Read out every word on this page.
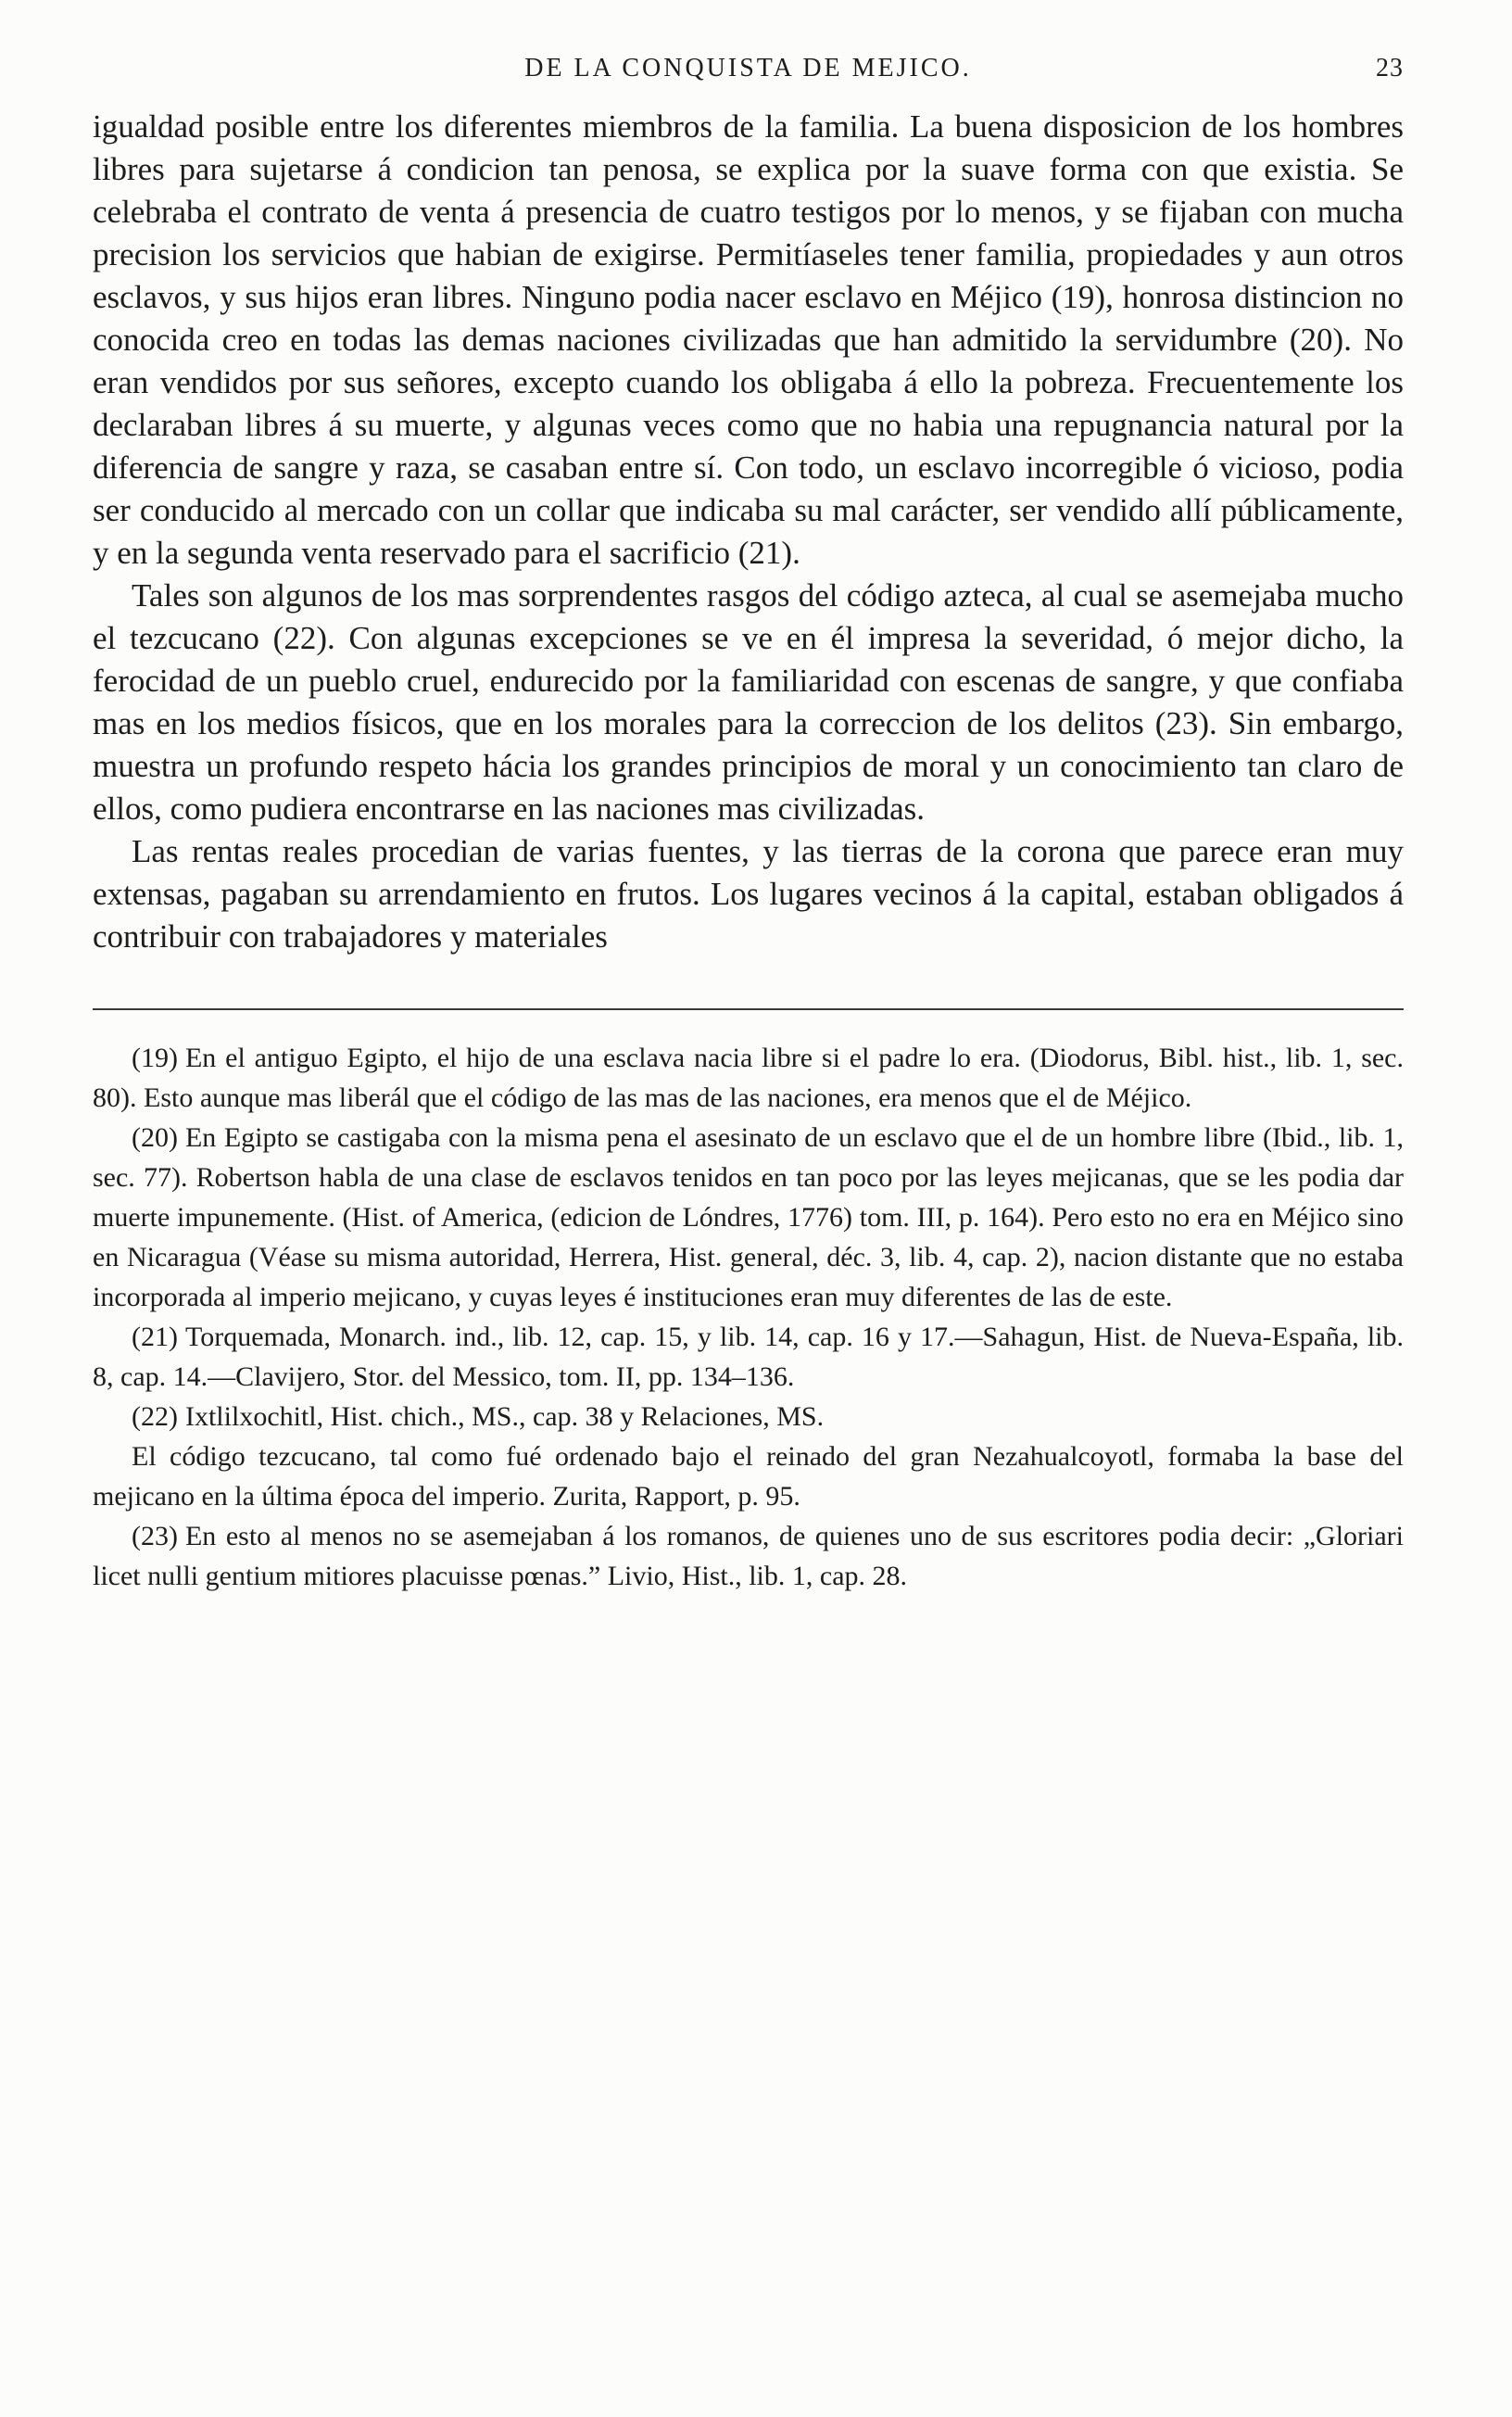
DE LA CONQUISTA DE MEJICO.	23

igualdad posible entre los diferentes miembros de la familia. La buena disposicion de los hombres libres para sujetarse á condicion tan penosa, se explica por la suave forma con que existia. Se celebraba el contrato de venta á presencia de cuatro testigos por lo menos, y se fijaban con mucha precision los servicios que habian de exigirse. Permitíaseles tener familia, propiedades y aun otros esclavos, y sus hijos eran libres. Ninguno podia nacer esclavo en Méjico (19), honrosa distincion no conocida creo en todas las demas naciones civilizadas que han admitido la servidumbre (20). No eran vendidos por sus señores, excepto cuando los obligaba á ello la pobreza. Frecuentemente los declaraban libres á su muerte, y algunas veces como que no habia una repugnancia natural por la diferencia de sangre y raza, se casaban entre sí. Con todo, un esclavo incorregible ó vicioso, podia ser conducido al mercado con un collar que indicaba su mal carácter, ser vendido allí públicamente, y en la segunda venta reservado para el sacrificio (21).

Tales son algunos de los mas sorprendentes rasgos del código azteca, al cual se asemejaba mucho el tezcucano (22). Con algunas excepciones se ve en él impresa la severidad, ó mejor dicho, la ferocidad de un pueblo cruel, endurecido por la familiaridad con escenas de sangre, y que confiaba mas en los medios físicos, que en los morales para la correccion de los delitos (23). Sin embargo, muestra un profundo respeto hácia los grandes principios de moral y un conocimiento tan claro de ellos, como pudiera encontrarse en las naciones mas civilizadas.

Las rentas reales procedian de varias fuentes, y las tierras de la corona que parece eran muy extensas, pagaban su arrendamiento en frutos. Los lugares vecinos á la capital, estaban obligados á contribuir con trabajadores y materiales

(19) En el antiguo Egipto, el hijo de una esclava nacia libre si el padre lo era. (Diodorus, Bibl. hist., lib. 1, sec. 80). Esto aunque mas liberál que el código de las mas de las naciones, era menos que el de Méjico.

(20) En Egipto se castigaba con la misma pena el asesinato de un esclavo que el de un hombre libre (Ibid., lib. 1, sec. 77). Robertson habla de una clase de esclavos tenidos en tan poco por las leyes mejicanas, que se les podia dar muerte impunemente. (Hist. of America, (edicion de Lóndres, 1776) tom. III, p. 164). Pero esto no era en Méjico sino en Nicaragua (Véase su misma autoridad, Herrera, Hist. general, déc. 3, lib. 4, cap. 2), nacion distante que no estaba incorporada al imperio mejicano, y cuyas leyes é instituciones eran muy diferentes de las de este.

(21) Torquemada, Monarch. ind., lib. 12, cap. 15, y lib. 14, cap. 16 y 17.—Sahagun, Hist. de Nueva-España, lib. 8, cap. 14.—Clavijero, Stor. del Messico, tom. II, pp. 134–136.

(22) Ixtlilxochitl, Hist. chich., MS., cap. 38 y Relaciones, MS.

El código tezcucano, tal como fué ordenado bajo el reinado del gran Nezahualcoyotl, formaba la base del mejicano en la última época del imperio. Zurita, Rapport, p. 95.

(23) En esto al menos no se asemejaban á los romanos, de quienes uno de sus escritores podia decir: „Gloriari licet nulli gentium mitiores placuisse pœnas.” Livio, Hist., lib. 1, cap. 28.
